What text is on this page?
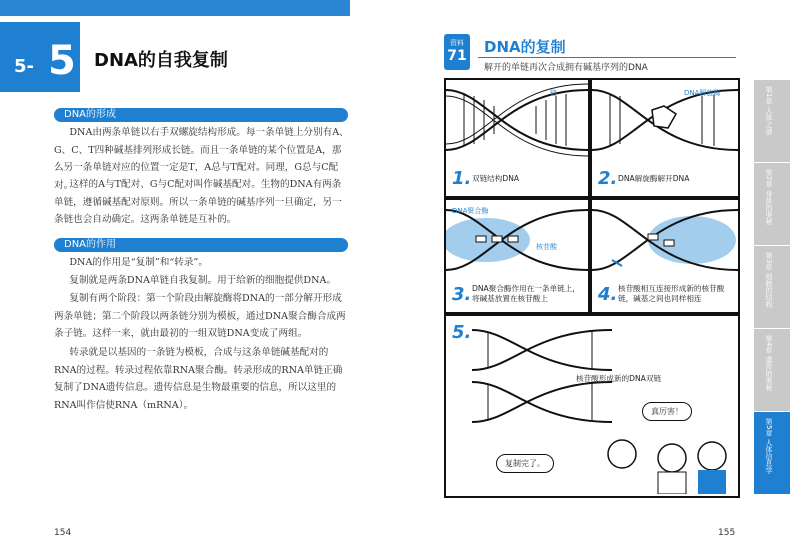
5- 5 DNA的自我复制
DNA的形成

DNA由两条单链以右手双螺旋结构形成。每一条单链上分别有A、G、C、T四种碱基排列形成长链。而且一条单链的某个位置是A，那么另一条单链对应的位置一定是T，A总与T配对。同理，G总与C配对。

这样的A与T配对、G与C配对叫作碱基配对。生物的DNA有两条单链，遵循碱基配对原则。所以一条单链的碱基序列一旦确定，另一条链也会自动确定。这两条单链是互补的。

DNA的作用

DNA的作用是“复制”和“转录”。

复制就是两条DNA单链自我复制。用于给新的细胞提供DNA。

复制有两个阶段：第一个阶段由解旋酶将DNA的一部分解开形成两条单链；第二个阶段以两条链分别为模板，通过DNA聚合酶合成两条子链。这样一来，就由最初的一组双链DNA变成了两组。

转录就是以基因的一条链为模板，合成与这条单链碱基配对的RNA的过程。转录过程依靠RNA聚合酶。转录形成的RNA单链正确复制了DNA遗传信息。遗传信息是生物最重要的信息，所以这里的RNA叫作信使RNA（mRNA）。

154
资料
71 DNA的复制
解开的单链再次合成拥有碱基序列的DNA
链
1. 双链结构DNA
DNA解旋酶
2. DNA解旋酶解开DNA
DNA聚合酶
核苷酸
3. DNA聚合酶作用在一条单链上，将碱基放置在核苷酸上	4. 核苷酸相互连接形成新的核苷酸链，碱基之间也同样相连
5.
核苷酸形成新的DNA双链
真厉害！
复制完了。
155
第1章 人体之谜
第2章 身体的奥秘
第3章 细胞的结构
第4章 遗传的奥秘
第5章 人体信息学
